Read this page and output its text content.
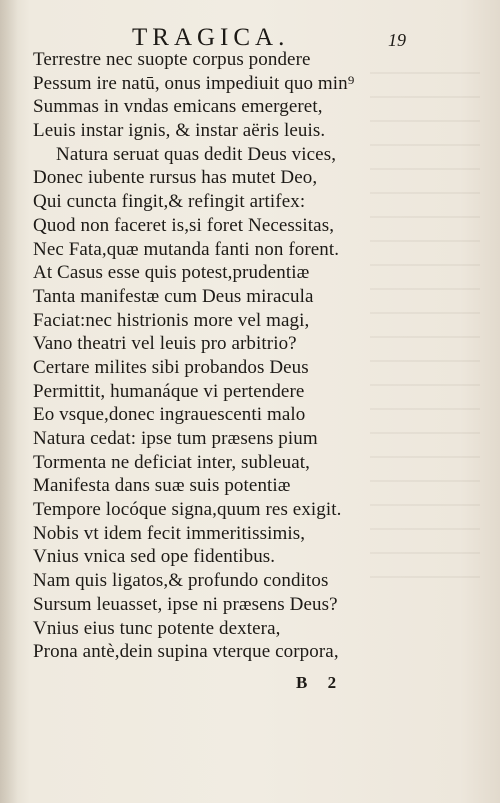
TRAGICA.	19
Terrestre nec suopte corpus pondere
Pessum ire natū, onus impediuit quo min⁹
Summas in vndas emicans emergeret,
Leuis instar ignis, & instar aëris leuis.
Natura seruat quas dedit Deus vices,
Donec iubente rursus has mutet Deo,
Qui cuncta fingit,& refingit artifex:
Quod non faceret is,si foret Necessitas,
Nec Fata,quæ mutanda fanti non forent.
At Casus esse quis potest,prudentiæ
Tanta manifestæ cum Deus miracula
Faciat:nec histrionis more vel magi,
Vano theatri vel leuis pro arbitrio?
Certare milites sibi probandos Deus
Permittit, humanáque vi pertendere
Eo vsque,donec ingrauescenti malo
Natura cedat: ipse tum præsens pium
Tormenta ne deficiat inter, subleuat,
Manifesta dans suæ suis potentiæ
Tempore locóque signa,quum res exigit.
Nobis vt idem fecit immeritissimis,
Vnius vnica sed ope fidentibus.
Nam quis ligatos,& profundo conditos
Sursum leuasset, ipse ni præsens Deus?
Vnius eius tunc potente dextera,
Prona antè,dein supina vterque corpora,
B 2
